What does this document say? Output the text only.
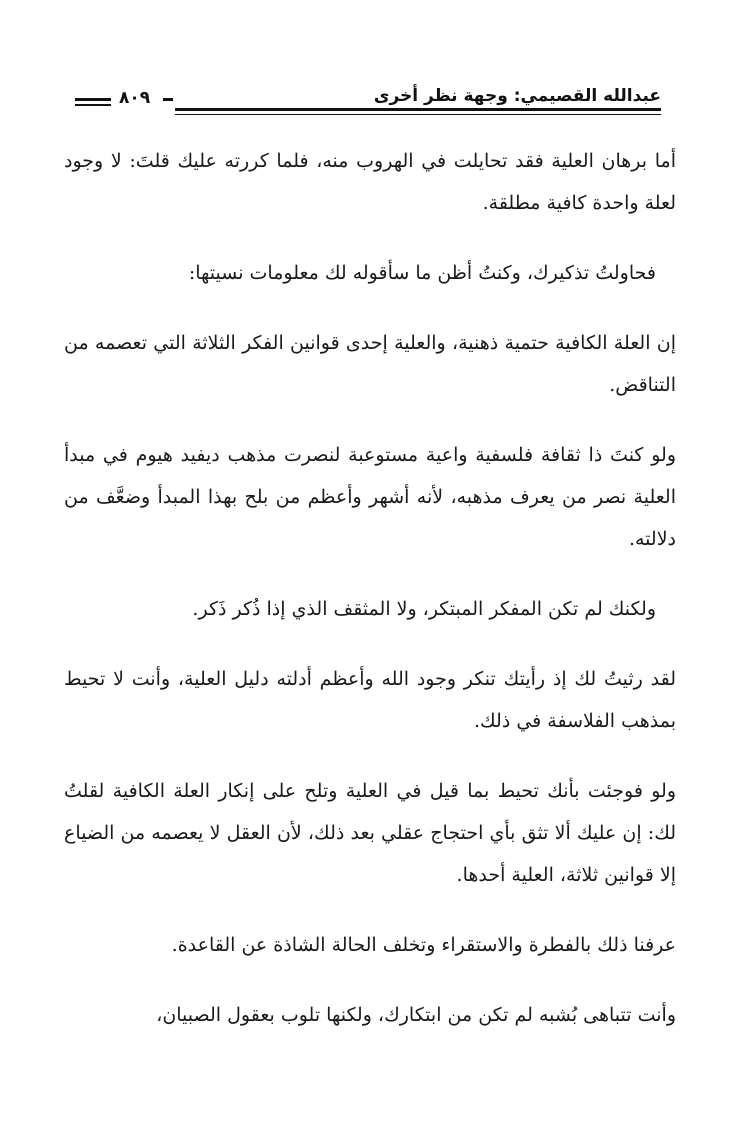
عبدالله القصيمي: وجهة نظر أخرى
٨٠٩

أما برهان العلية فقد تحايلت في الهروب منه، فلما كررته عليك قلتَ: لا وجود لعلة واحدة كافية مطلقة.

فحاولتُ تذكيرك، وكنتُ أظن ما سأقوله لك معلومات نسيتها:

إن العلة الكافية حتمية ذهنية، والعلية إحدى قوانين الفكر الثلاثة التي تعصمه من التناقض.

ولو كنتَ ذا ثقافة فلسفية واعية مستوعبة لنصرت مذهب ديفيد هيوم في مبدأ العلية نصر من يعرف مذهبه، لأنه أشهر وأعظم من بلح بهذا المبدأ وضعَّف من دلالته.

ولكنك لم تكن المفكر المبتكر، ولا المثقف الذي إذا ذُكر ذَكر.

لقد رثيتُ لك إذ رأيتك تنكر وجود الله وأعظم أدلته دليل العلية، وأنت لا تحيط بمذهب الفلاسفة في ذلك.

ولو فوجئت بأنك تحيط بما قيل في العلية وتلح على إنكار العلة الكافية لقلتُ لك: إن عليك ألا تثق بأي احتجاج عقلي بعد ذلك، لأن العقل لا يعصمه من الضياع إلا قوانين ثلاثة، العلية أحدها.

عرفنا ذلك بالفطرة والاستقراء وتخلف الحالة الشاذة عن القاعدة.

وأنت تتباهى بُشبه لم تكن من ابتكارك، ولكنها تلوب بعقول الصبيان،
